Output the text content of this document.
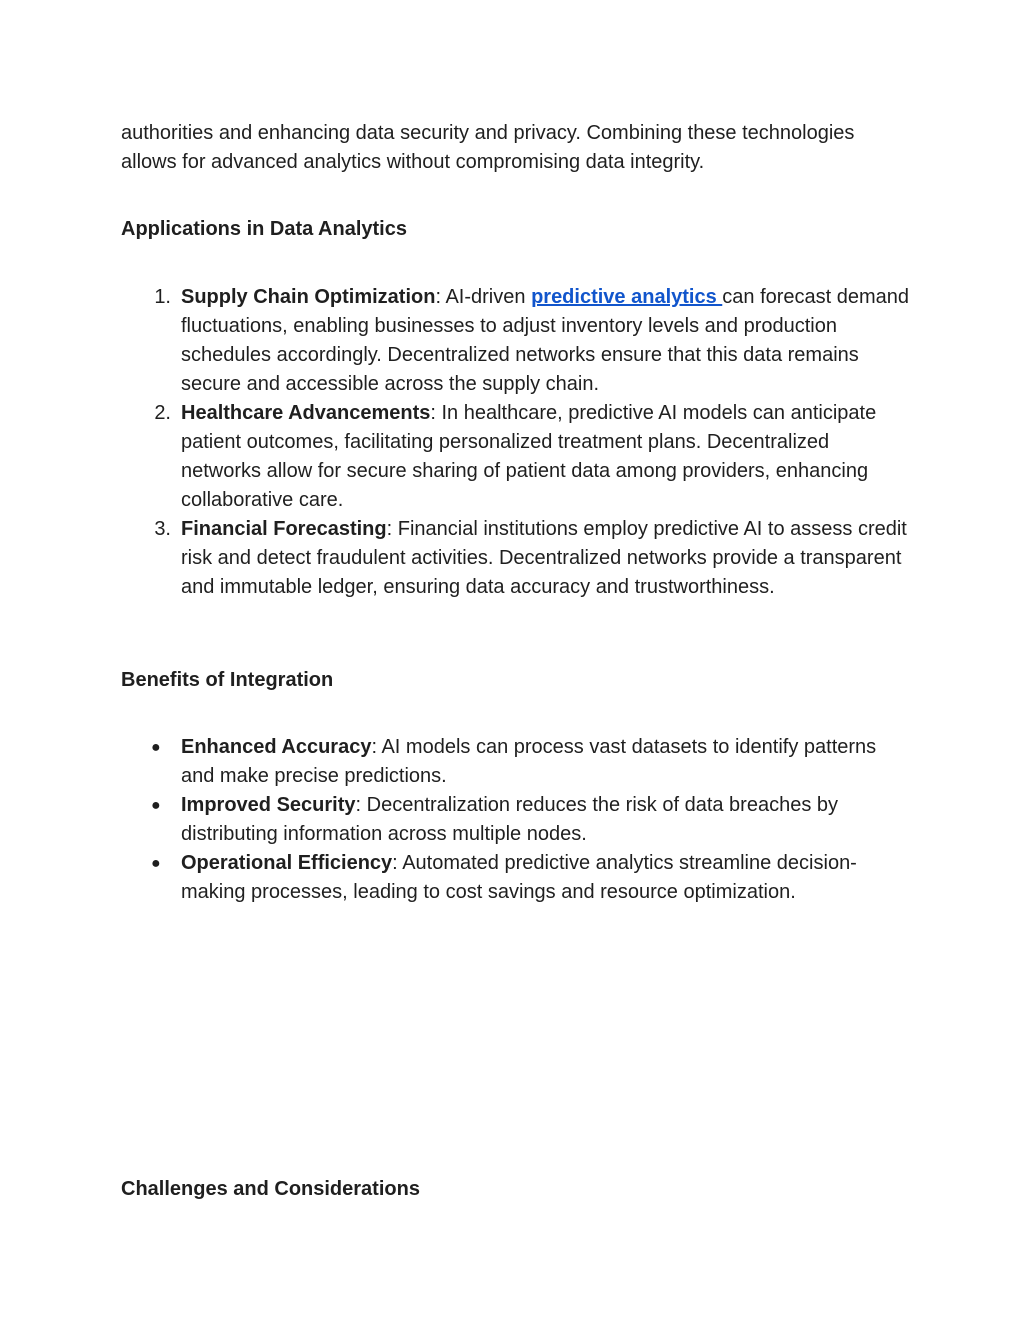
authorities and enhancing data security and privacy. Combining these technologies allows for advanced analytics without compromising data integrity.

Applications in Data Analytics
1. Supply Chain Optimization: AI-driven predictive analytics can forecast demand fluctuations, enabling businesses to adjust inventory levels and production schedules accordingly. Decentralized networks ensure that this data remains secure and accessible across the supply chain.
2. Healthcare Advancements: In healthcare, predictive AI models can anticipate patient outcomes, facilitating personalized treatment plans. Decentralized networks allow for secure sharing of patient data among providers, enhancing collaborative care.
3. Financial Forecasting: Financial institutions employ predictive AI to assess credit risk and detect fraudulent activities. Decentralized networks provide a transparent and immutable ledger, ensuring data accuracy and trustworthiness.
Benefits of Integration
●	Enhanced Accuracy: AI models can process vast datasets to identify patterns and make precise predictions.
●	Improved Security: Decentralization reduces the risk of data breaches by distributing information across multiple nodes.
●	Operational Efficiency: Automated predictive analytics streamline decision-making processes, leading to cost savings and resource optimization.
Challenges and Considerations
